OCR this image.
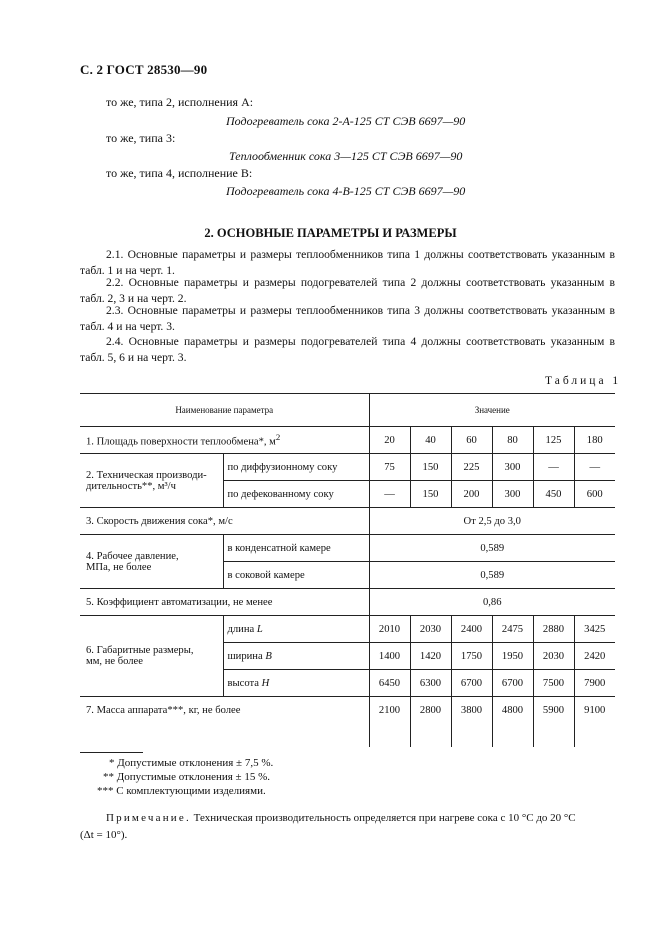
С. 2 ГОСТ 28530—90
то же, типа 2, исполнения А:
Подогреватель сока 2-А-125 СТ СЭВ 6697—90
то же, типа 3:
Теплообменник сока 3—125 СТ СЭВ 6697—90
то же, типа 4, исполнение В:
Подогреватель сока 4-В-125 СТ СЭВ 6697—90
2. ОСНОВНЫЕ ПАРАМЕТРЫ И РАЗМЕРЫ
2.1. Основные параметры и размеры теплообменников типа 1 должны соответствовать указанным в табл. 1 и на черт. 1.
2.2. Основные параметры и размеры подогревателей типа 2 должны соответствовать указанным в табл. 2, 3 и на черт. 2.
2.3. Основные параметры и размеры теплообменников типа 3 должны соответствовать указанным в табл. 4 и на черт. 3.
2.4. Основные параметры и размеры подогревателей типа 4 должны соответствовать указанным в табл. 5, 6 и на черт. 3.
Таблица 1
Наименование параметра		Значение					
1. Площадь поверхности теплообмена*, $м^2$		20	40	60	80	125	180

2. Техническая производи-
дительность**, м³/ч	по диффузионному соку	75	150	225	300	—	—
	по дефекованному соку	—	150	200	300	450	600
3. Скорость движения сока*, м/с		От 2,5 до 3,0					

4. Рабочее давление,
МПа, не более	в конденсатной камере	0,589					
	в соковой камере	0,589					
5. Коэффициент автоматизации, не менее		0,86					

6. Габаритные размеры,
мм, не более	длина L	2010	2030	2400	2475	2880	3425
	ширина B	1400	1420	1750	1950	2030	2420
	высота H	6450	6300	6700	6700	7500	7900
7. Масса аппарата***, кг, не более		2100	2800	3800	4800	5900	9100
* Допустимые отклонения ± 7,5 %.
** Допустимые отклонения ± 15 %.
*** С комплектующими изделиями.
Примечание. Техническая производительность определяется при нагреве сока с 10 °С до 20 °С
(Δt = 10°).
